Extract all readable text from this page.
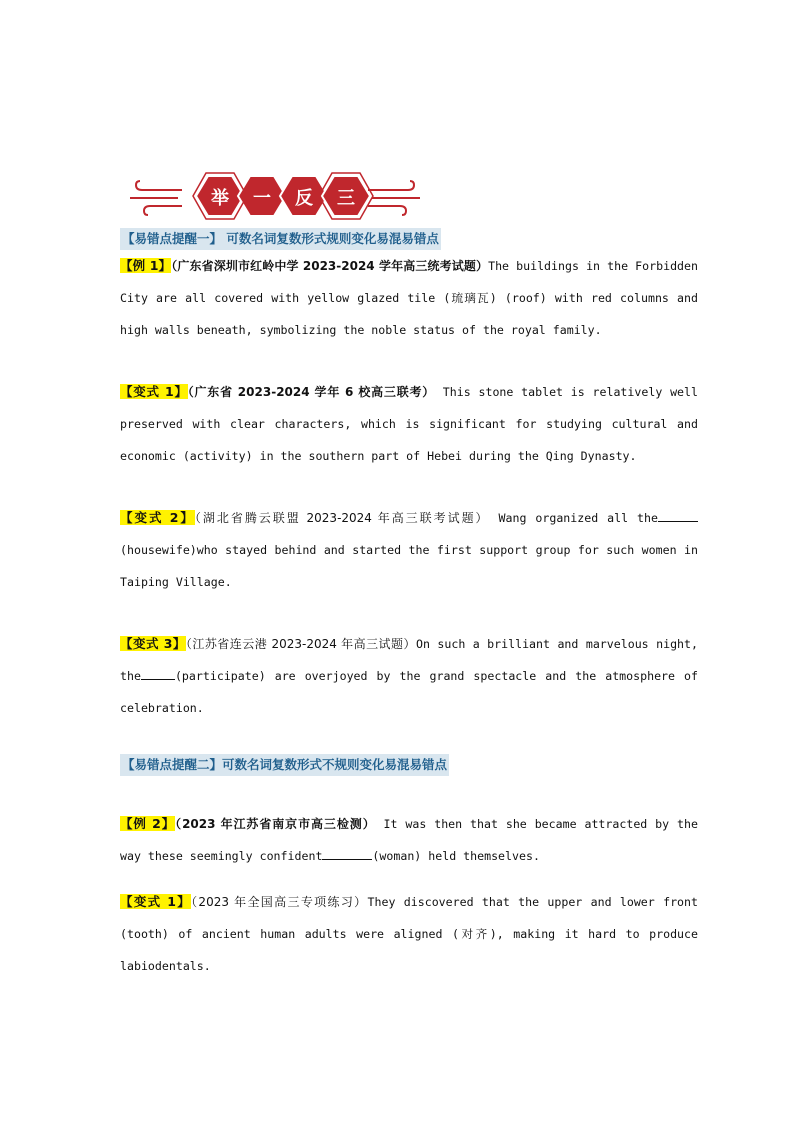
举	一	反	三
【易错点提醒一】 可数名词复数形式规则变化易混易错点

【例 1】（广东省深圳市红岭中学 2023-2024 学年高三统考试题）The buildings in the Forbidden City are all covered with yellow glazed tile (琉璃瓦) (roof) with red columns and high walls beneath, symbolizing the noble status of the royal family.

【变式 1】（广东省 2023-2024 学年 6 校高三联考） This stone tablet is relatively well preserved with clear characters, which is significant for studying cultural and economic (activity) in the southern part of Hebei during the Qing Dynasty.

【变式 2】（湖北省腾云联盟 2023-2024 年高三联考试题） Wang organized all the(housewife)who stayed behind and started the first support group for such women in Taiping Village.

【变式 3】（江苏省连云港 2023-2024 年高三试题）On such a brilliant and marvelous night, the	(participate) are overjoyed by the grand spectacle and the atmosphere of celebration.

【易错点提醒二】可数名词复数形式不规则变化易混易错点

【例 2】（2023 年江苏省南京市高三检测） It was then that she became attracted by the way these seemingly confident	(woman) held themselves.

【变式 1】（2023 年全国高三专项练习）They discovered that the upper and lower front (tooth) of ancient human adults were aligned (对齐), making it hard to produce labiodentals.
